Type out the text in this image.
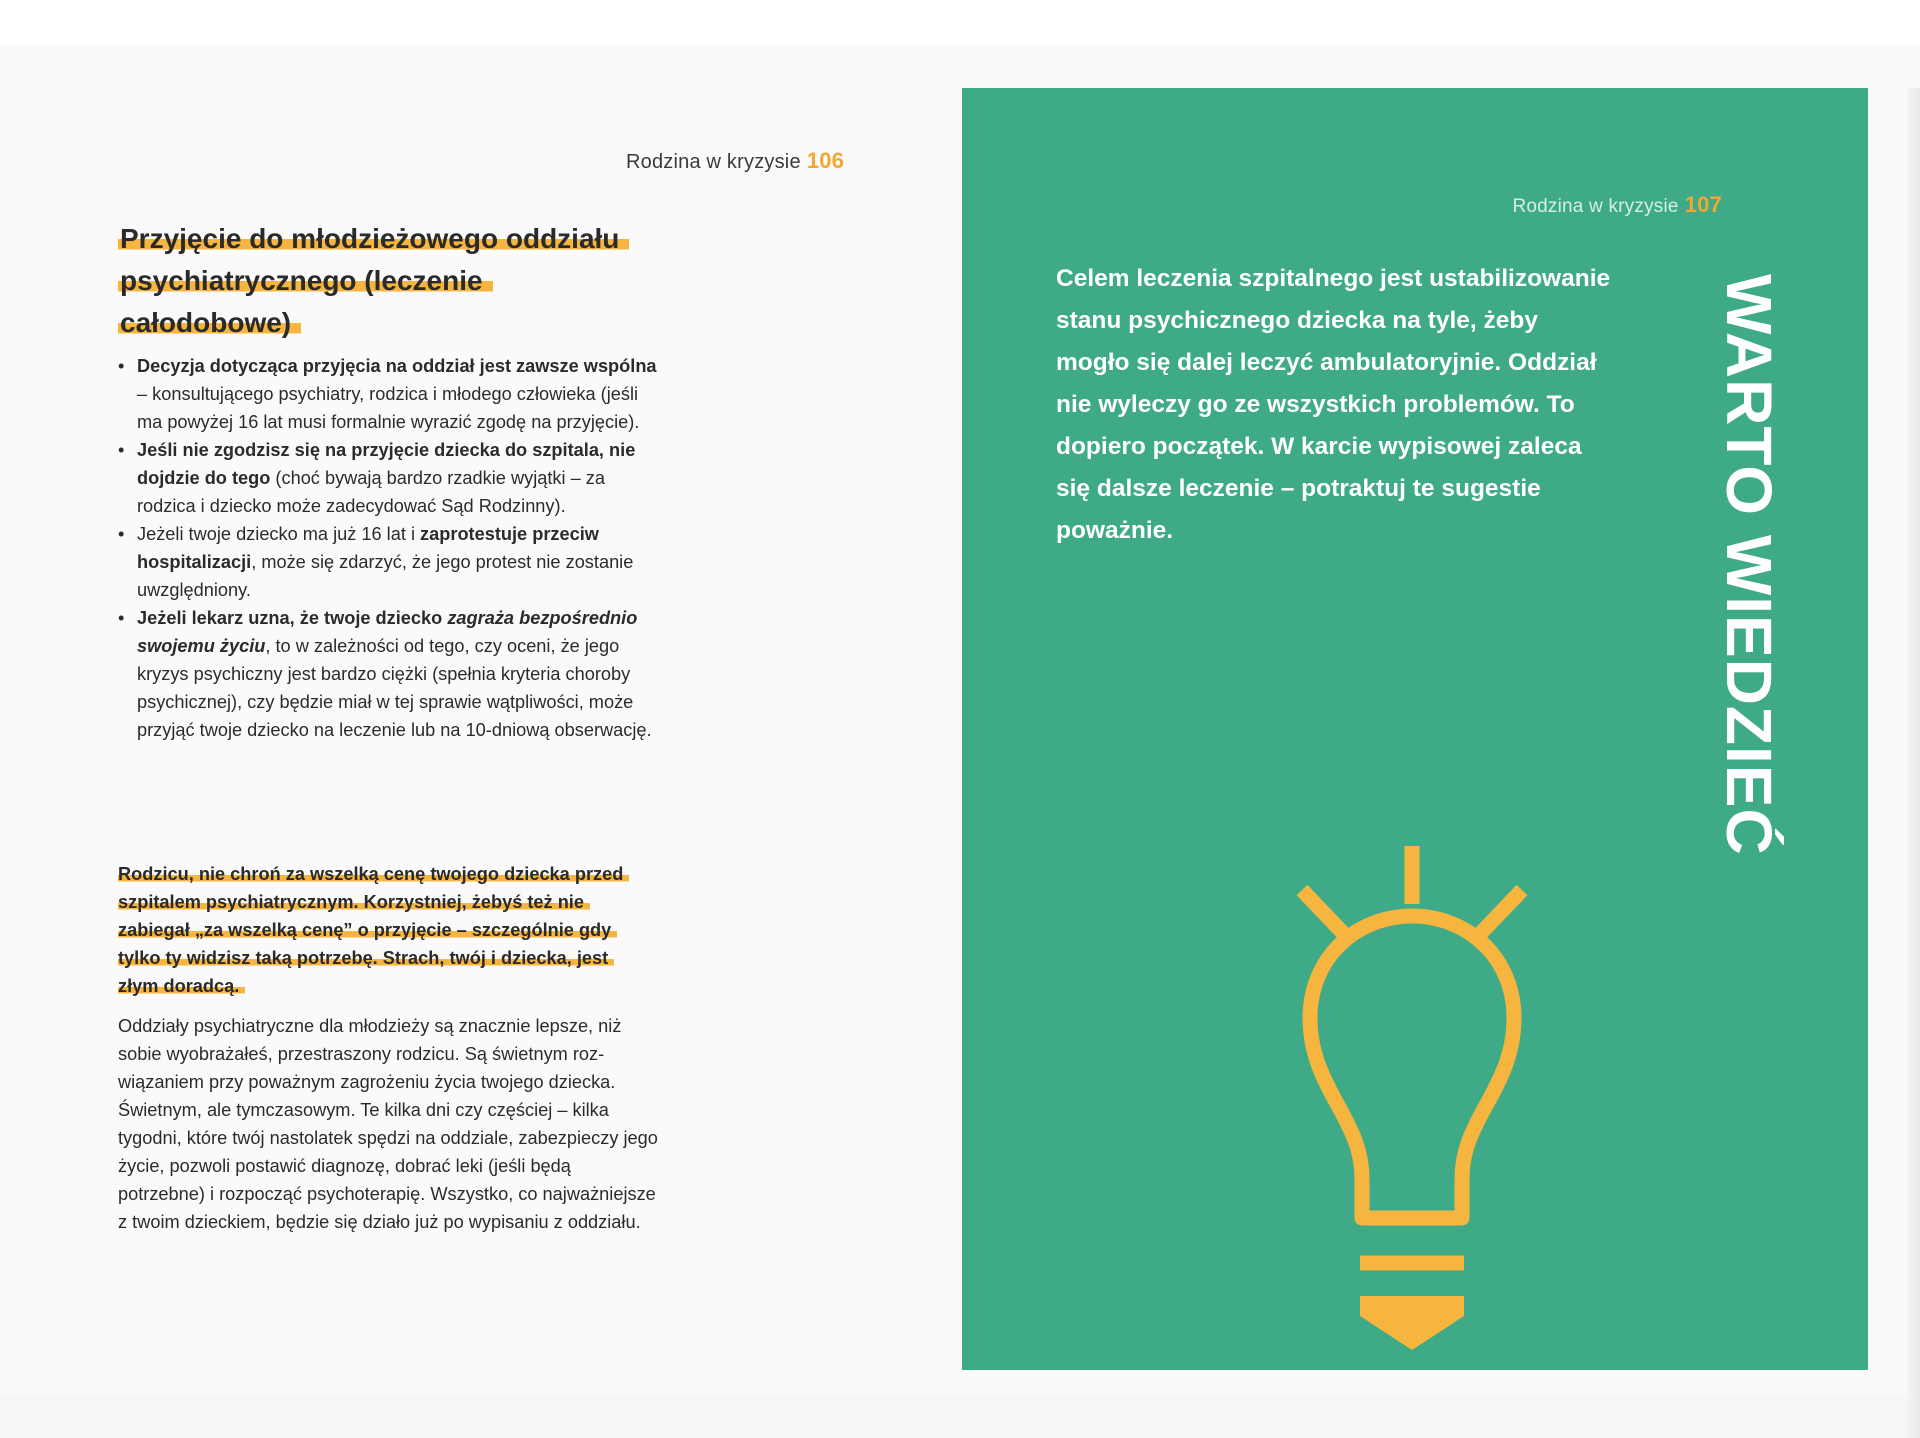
Rodzina w kryzysie 106
Przyjęcie do młodzieżowego oddziału
psychiatrycznego (leczenie
całodobowe)
• Decyzja dotycząca przyjęcia na oddział jest zawsze wspólna – konsultującego psychiatry, rodzica i młodego człowieka (jeśli ma powyżej 16 lat musi formalnie wyrazić zgodę na przyjęcie).
• Jeśli nie zgodzisz się na przyjęcie dziecka do szpitala, nie dojdzie do tego (choć bywają bardzo rzadkie wyjątki – za rodzica i dziecko może zadecydować Sąd Rodzinny).
• Jeżeli twoje dziecko ma już 16 lat i zaprotestuje przeciw hospitalizacji, może się zdarzyć, że jego protest nie zostanie uwzględniony.
• Jeżeli lekarz uzna, że twoje dziecko zagraża bezpośrednio swojemu życiu, to w zależności od tego, czy oceni, że jego kryzys psychiczny jest bardzo ciężki (spełnia kryteria choroby psychicznej), czy będzie miał w tej sprawie wątpliwości, może przyjąć twoje dziecko na leczenie lub na 10-dniową obserwację.
Rodzicu, nie chroń za wszelką cenę twojego dziecka przed szpitalem psychiatrycznym. Korzystniej, żebyś też nie zabiegał „za wszelką cenę” o przyjęcie – szczególnie gdy tylko ty widzisz taką potrzebę. Strach, twój i dziecka, jest złym doradcą.

Oddziały psychiatryczne dla młodzieży są znacznie lepsze, niż sobie wyobrażałeś, przestraszony rodzicu. Są świetnym rozwiązaniem przy poważnym zagrożeniu życia twojego dziecka. Świetnym, ale tymczasowym. Te kilka dni czy częściej – kilka tygodni, które twój nastolatek spędzi na oddziale, zabezpieczy jego życie, pozwoli postawić diagnozę, dobrać leki (jeśli będą potrzebne) i rozpocząć psychoterapię. Wszystko, co najważniejsze z twoim dzieckiem, będzie się działo już po wypisaniu z oddziału.

Rodzina w kryzysie 107
Celem leczenia szpitalnego jest ustabilizowanie stanu psychicznego dziecka na tyle, żeby mogło się dalej leczyć ambulatoryjnie. Oddział nie wyleczy go ze wszystkich problemów. To dopiero początek. W karcie wypisowej zaleca się dalsze leczenie – potraktuj te sugestie poważnie.	WARTO WIEDZIEĆ
